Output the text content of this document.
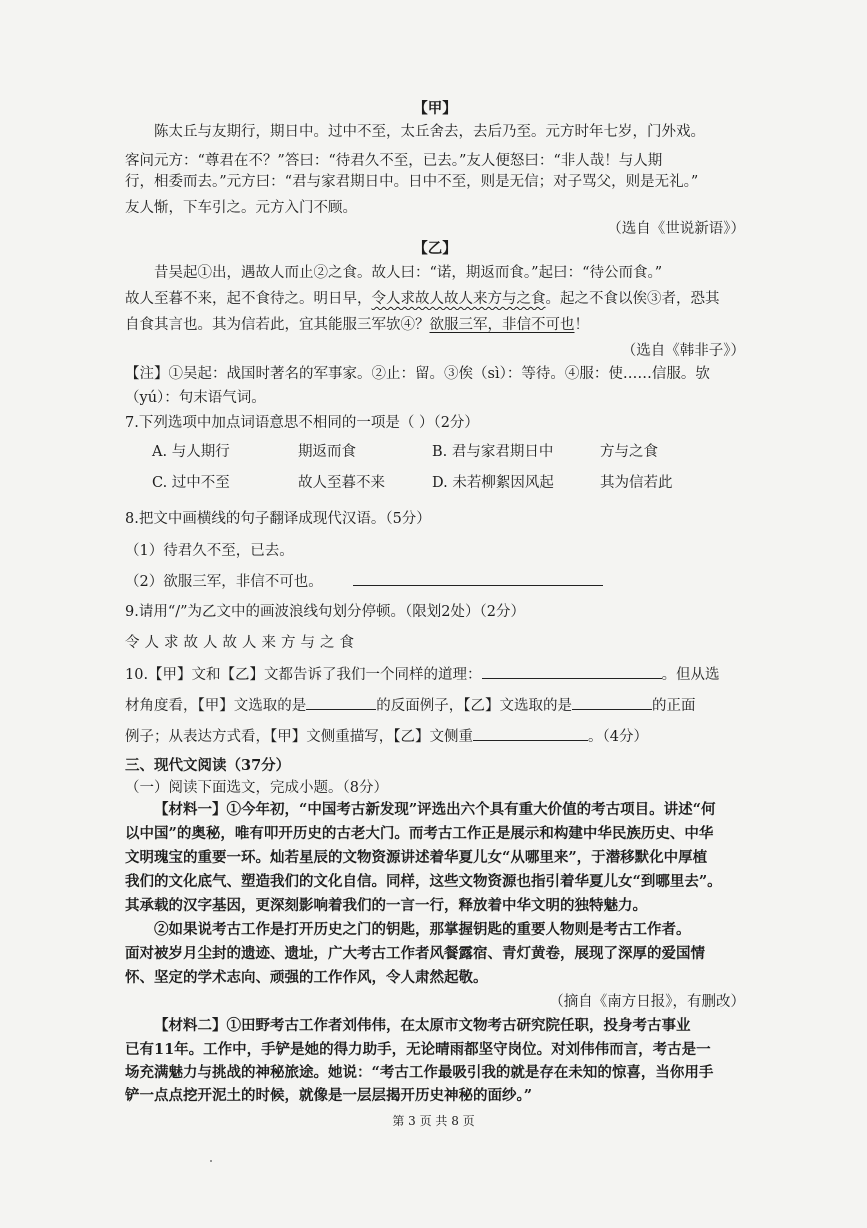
【甲】
陈太丘与友期行，期日中。过中不至，太丘舍去，去后乃至。元方时年七岁，门外戏。
客问元方：“尊君在不？”答曰：“待君久不至，已去。”友人便怒曰：“非人哉！与人期
行，相委而去。”元方曰：“君与家君期日中。日中不至，则是无信；对子骂父，则是无礼。”
友人惭，下车引之。元方入门不顾。
（选自《世说新语》）
【乙】
昔吴起①出，遇故人而止②之食。故人曰：“诺，期返而食。”起曰：“待公而食。”
故人至暮不来，起不食待之。明日早，令人求故人故人来方与之食。起之不食以俟③者，恐其
自食其言也。其为信若此，宜其能服三军欤④？欲服三军，非信不可也！
（选自《韩非子》）
【注】①吴起：战国时著名的军事家。②止：留。③俟（sì）：等待。④服：使……信服。欤
（yú）：句末语气词。
7.下列选项中加点词语意思不相同的一项是（ ）（2分）
A. 与人期行	期返而食	B. 君与家君期日中	方与之食
C. 过中不至	故人至暮不来	D. 未若柳絮因风起	其为信若此
8.把文中画横线的句子翻译成现代汉语。（5分）
（1）待君久不至，已去。
（2）欲服三军，非信不可也。
9.请用“/”为乙文中的画波浪线句划分停顿。（限划2处）（2分）
令人求故人故人来方与之食
10.【甲】文和【乙】文都告诉了我们一个同样的道理：	。但从选
材角度看，【甲】文选取的是	的反面例子，【乙】文选取的是	的正面
例子；从表达方式看，【甲】文侧重描写，【乙】文侧重	。（4分）
三、现代文阅读（37分）
（一）阅读下面选文，完成小题。（8分）
【材料一】①今年初，“中国考古新发现”评选出六个具有重大价值的考古项目。讲述“何
以中国”的奥秘，唯有叩开历史的古老大门。而考古工作正是展示和构建中华民族历史、中华
文明瑰宝的重要一环。灿若星辰的文物资源讲述着华夏儿女“从哪里来”，于潜移默化中厚植
我们的文化底气、塑造我们的文化自信。同样，这些文物资源也指引着华夏儿女“到哪里去”。
其承载的汉字基因，更深刻影响着我们的一言一行，释放着中华文明的独特魅力。
②如果说考古工作是打开历史之门的钥匙，那掌握钥匙的重要人物则是考古工作者。
面对被岁月尘封的遗迹、遗址，广大考古工作者风餐露宿、青灯黄卷，展现了深厚的爱国情
怀、坚定的学术志向、顽强的工作作风，令人肃然起敬。
（摘自《南方日报》，有删改）
【材料二】①田野考古工作者刘伟伟，在太原市文物考古研究院任职，投身考古事业
已有11年。工作中，手铲是她的得力助手，无论晴雨都坚守岗位。对刘伟伟而言，考古是一
场充满魅力与挑战的神秘旅途。她说：“考古工作最吸引我的就是存在未知的惊喜，当你用手
铲一点点挖开泥土的时候，就像是一层层揭开历史神秘的面纱。”
第 3 页 共 8 页
